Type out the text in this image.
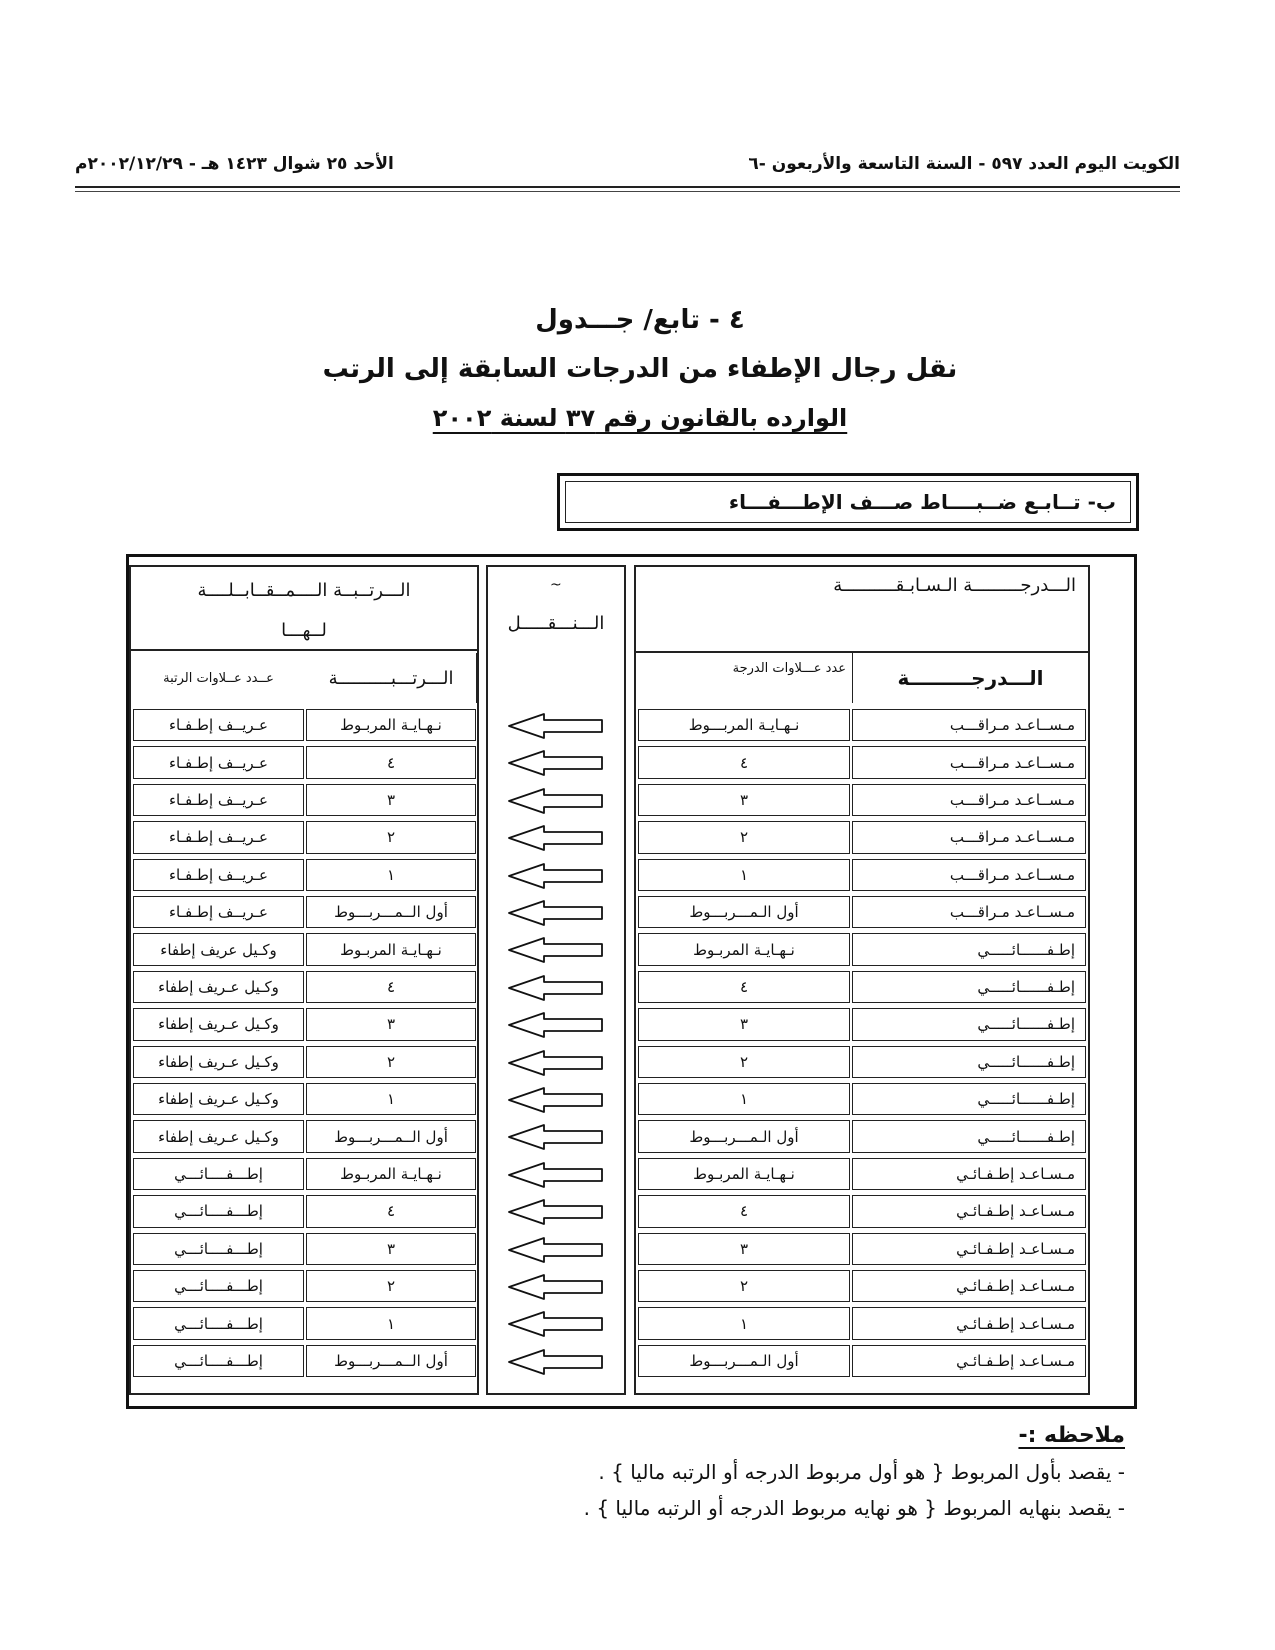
الكويت اليوم العدد ٥٩٧ - السنة التاسعة والأربعون -٦
الأحد ٢٥ شوال ١٤٢٣ هـ - ٢٠٠٢/١٢/٢٩م
٤ - تابع/ جـــدول
نقل رجال الإطفاء من الدرجات السابقة إلى الرتب
الوارده بالقانون رقم ٣٧ لسنة ٢٠٠٢
ب- تــابـع ضــبــــاط صـــف الإطـــفـــاء
الـــدرجـــــــــة الـسـابـقــــــــــة
الـــدرجـــــــــة
عدد عـــلاوات الدرجة
مـســاعـد مـراقـــب
نـهـايـة المربـــوط
مـســاعـد مـراقـــب
٤
مـســاعـد مـراقـــب
٣
مـســاعـد مـراقـــب
٢
مـســاعـد مـراقـــب
١
مـســاعـد مـراقـــب
أول الـمـــربـــوط
إطـفــــــائـــــي
نـهـايـة المربـوط
إطـفــــــائـــــي
٤
إطـفــــــائـــــي
٣
إطـفــــــائـــــي
٢
إطـفــــــائـــــي
١
إطـفــــــائـــــي
أول الـمـــربـــوط
مـسـاعـد إطـفـائـي
نـهـايـة المربـوط
مـسـاعـد إطـفـائـي
٤
مـسـاعـد إطـفـائـي
٣
مـسـاعـد إطـفـائـي
٢
مـسـاعـد إطـفـائـي
١
مـسـاعـد إطـفـائـي
أول الـمـــربـــوط
الـــنـــقـــــل
~
الـــرتــبــة الــــمــقــابــلــــة
لــهـــا
عــدد عــلاوات الرتبة	الـــرتـــبــــــــــة
نـهـايـة المربـوط
عـريــف إطـفـاء
٤
عـريــف إطـفـاء
٣
عـريــف إطـفـاء
٢
عـريــف إطـفـاء
١
عـريــف إطـفـاء
أول الــمـــربـــوط
عـريــف إطـفـاء
نـهـايـة المربـوط
وكـيل عريف إطفاء
٤
وكـيل عـريف إطفاء
٣
وكـيل عـريف إطفاء
٢
وكـيل عـريف إطفاء
١
وكـيل عـريف إطفاء
أول الــمـــربـــوط
وكـيل عـريف إطفاء
نـهـايـة المربـوط
إطـــفــــائـــي
٤
إطـــفــــائـــي
٣
إطـــفــــائـــي
٢
إطـــفــــائـــي
١
إطـــفــــائـــي
أول الــمـــربـــوط
إطـــفــــائـــي
ملاحظه :-
- يقصد بأول المربوط { هو أول مربوط الدرجه أو الرتبه ماليا } .
- يقصد بنهايه المربوط { هو نهايه مربوط الدرجه أو الرتبه ماليا } .
